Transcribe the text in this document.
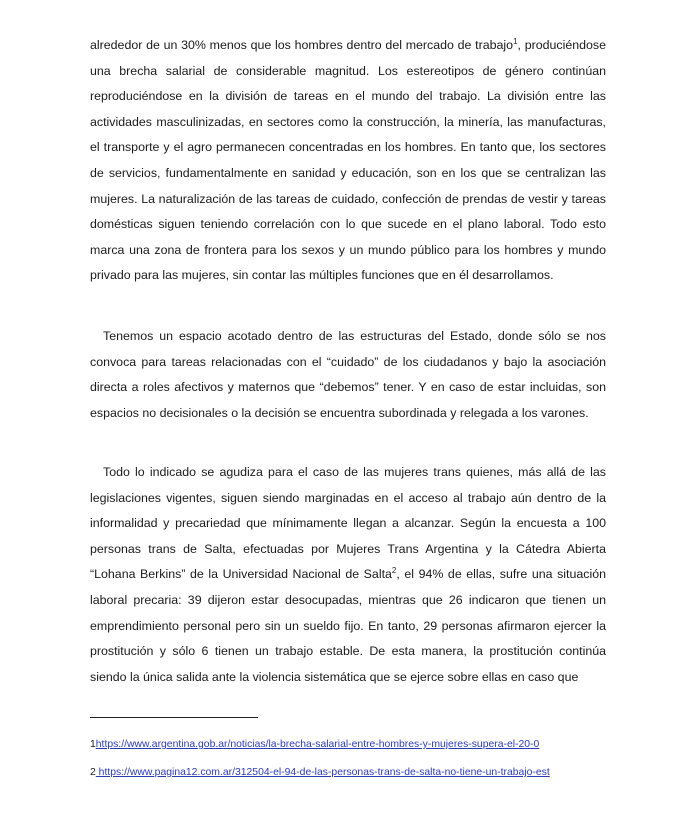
alrededor de un 30% menos que los hombres dentro del mercado de trabajo$^1$, produciéndose una brecha salarial de considerable magnitud. Los estereotipos de género continúan reproduciéndose en la división de tareas en el mundo del trabajo. La división entre las actividades masculinizadas, en sectores como la construcción, la minería, las manufacturas, el transporte y el agro permanecen concentradas en los hombres. En tanto que, los sectores de servicios, fundamentalmente en sanidad y educación, son en los que se centralizan las mujeres. La naturalización de las tareas de cuidado, confección de prendas de vestir y tareas domésticas siguen teniendo correlación con lo que sucede en el plano laboral. Todo esto marca una zona de frontera para los sexos y un mundo público para los hombres y mundo privado para las mujeres, sin contar las múltiples funciones que en él desarrollamos.

Tenemos un espacio acotado dentro de las estructuras del Estado, donde sólo se nos convoca para tareas relacionadas con el “cuidado” de los ciudadanos y bajo la asociación directa a roles afectivos y maternos que “debemos” tener. Y en caso de estar incluidas, son espacios no decisionales o la decisión se encuentra subordinada y relegada a los varones.

Todo lo indicado se agudiza para el caso de las mujeres trans quienes, más allá de las legislaciones vigentes, siguen siendo marginadas en el acceso al trabajo aún dentro de la informalidad y precariedad que mínimamente llegan a alcanzar. Según la encuesta a 100 personas trans de Salta, efectuadas por Mujeres Trans Argentina y la Cátedra Abierta “Lohana Berkins” de la Universidad Nacional de Salta$^2$, el 94% de ellas, sufre una situación laboral precaria: 39 dijeron estar desocupadas, mientras que 26 indicaron que tienen un emprendimiento personal pero sin un sueldo fijo. En tanto, 29 personas afirmaron ejercer la prostitución y sólo 6 tienen un trabajo estable. De esta manera, la prostitución continúa siendo la única salida ante la violencia sistemática que se ejerce sobre ellas en caso que

1https://www.argentina.gob.ar/noticias/la-brecha-salarial-entre-hombres-y-mujeres-supera-el-20-0
2 https://www.pagina12.com.ar/312504-el-94-de-las-personas-trans-de-salta-no-tiene-un-trabajo-est
